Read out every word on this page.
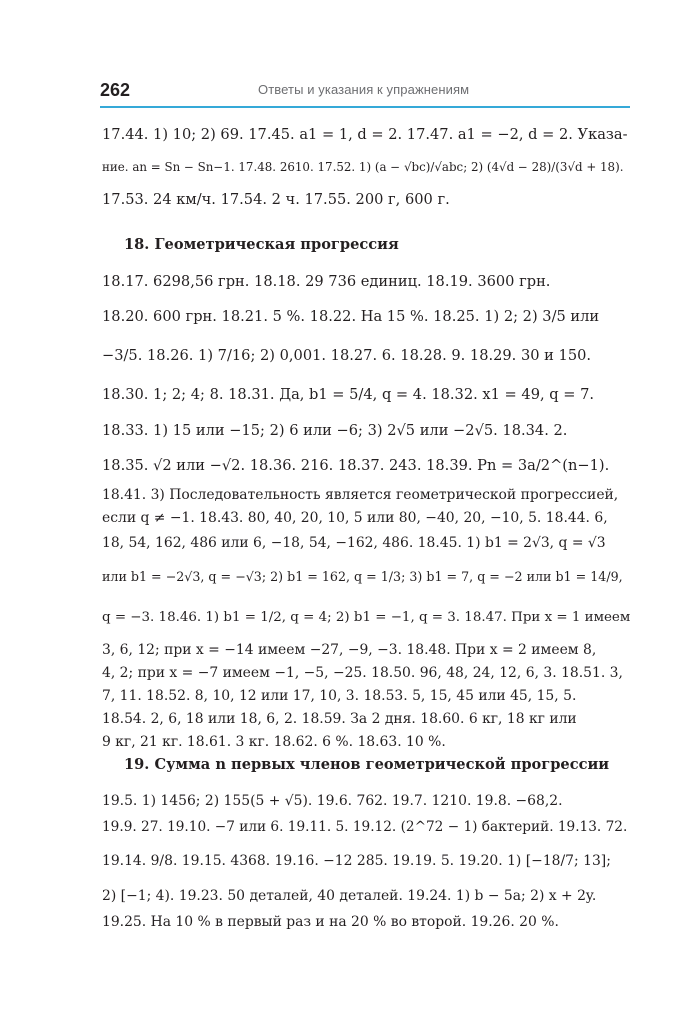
262	Ответы и указания к упражнениям
17.44. 1) 10; 2) 69. 17.45. a1 = 1, d = 2. 17.47. a1 = −2, d = 2. Указа-
ние. an = Sn − Sn−1. 17.48. 2610. 17.52. 1) (a − √bc)/√abc; 2) (4√d − 28)/(3√d + 18).
17.53. 24 км/ч. 17.54. 2 ч. 17.55. 200 г, 600 г.
18. Геометрическая прогрессия
18.17. 6298,56 грн. 18.18. 29 736 единиц. 18.19. 3600 грн.
18.20. 600 грн. 18.21. 5 %. 18.22. На 15 %. 18.25. 1) 2; 2) 3/5 или
−3/5. 18.26. 1) 7/16; 2) 0,001. 18.27. 6. 18.28. 9. 18.29. 30 и 150.
18.30. 1; 2; 4; 8. 18.31. Да, b1 = 5/4, q = 4. 18.32. x1 = 49, q = 7.
18.33. 1) 15 или −15; 2) 6 или −6; 3) 2√5 или −2√5. 18.34. 2.
18.35. √2 или −√2. 18.36. 216. 18.37. 243. 18.39. Pn = 3a/2^(n−1).
18.41. 3) Последовательность является геометрической прогрессией,
если q ≠ −1. 18.43. 80, 40, 20, 10, 5 или 80, −40, 20, −10, 5. 18.44. 6,
18, 54, 162, 486 или 6, −18, 54, −162, 486. 18.45. 1) b1 = 2√3, q = √3
или b1 = −2√3, q = −√3; 2) b1 = 162, q = 1/3; 3) b1 = 7, q = −2 или b1 = 14/9,
q = −3. 18.46. 1) b1 = 1/2, q = 4; 2) b1 = −1, q = 3. 18.47. При x = 1 имеем
3, 6, 12; при x = −14 имеем −27, −9, −3. 18.48. При x = 2 имеем 8,
4, 2; при x = −7 имеем −1, −5, −25. 18.50. 96, 48, 24, 12, 6, 3. 18.51. 3,
7, 11. 18.52. 8, 10, 12 или 17, 10, 3. 18.53. 5, 15, 45 или 45, 15, 5.
18.54. 2, 6, 18 или 18, 6, 2. 18.59. За 2 дня. 18.60. 6 кг, 18 кг или
9 кг, 21 кг. 18.61. 3 кг. 18.62. 6 %. 18.63. 10 %.
19. Сумма n первых членов геометрической прогрессии
19.5. 1) 1456; 2) 155(5 + √5). 19.6. 762. 19.7. 1210. 19.8. −68,2.
19.9. 27. 19.10. −7 или 6. 19.11. 5. 19.12. (2^72 − 1) бактерий. 19.13. 72.
19.14. 9/8. 19.15. 4368. 19.16. −12 285. 19.19. 5. 19.20. 1) [−18/7; 13];
2) [−1; 4). 19.23. 50 деталей, 40 деталей. 19.24. 1) b − 5a; 2) x + 2y.
19.25. На 10 % в первый раз и на 20 % во второй. 19.26. 20 %.
